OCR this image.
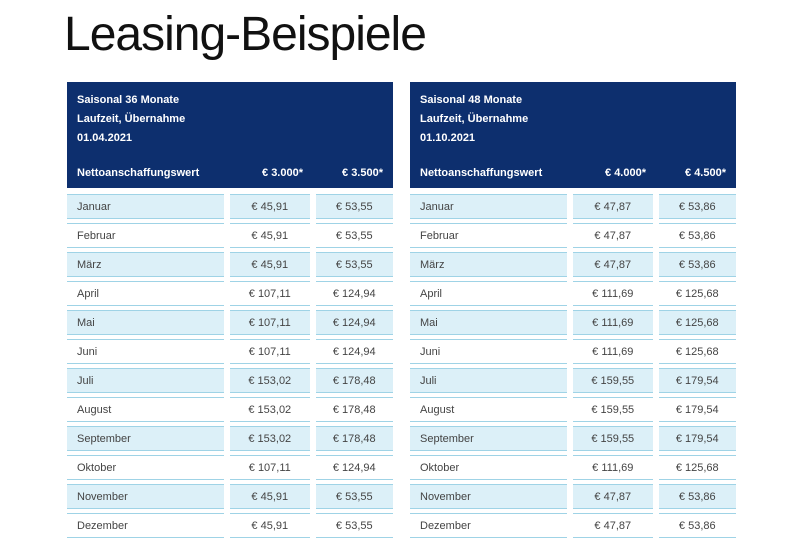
Leasing-Beispiele
Saisonal 36 Monate
Laufzeit, Übernahme
01.04.2021
Nettoanschaffungswert	€ 3.000*	€ 3.500*
Januar	€ 45,91	€ 53,55
Februar	€ 45,91	€ 53,55
März	€ 45,91	€ 53,55
April	€ 107,11	€ 124,94
Mai	€ 107,11	€ 124,94
Juni	€ 107,11	€ 124,94
Juli	€ 153,02	€ 178,48
August	€ 153,02	€ 178,48
September	€ 153,02	€ 178,48
Oktober	€ 107,11	€ 124,94
November	€ 45,91	€ 53,55
Dezember	€ 45,91	€ 53,55
Saisonal 48 Monate
Laufzeit, Übernahme
01.10.2021
Nettoanschaffungswert	€ 4.000*	€ 4.500*
Januar	€ 47,87	€ 53,86
Februar	€ 47,87	€ 53,86
März	€ 47,87	€ 53,86
April	€ 111,69	€ 125,68
Mai	€ 111,69	€ 125,68
Juni	€ 111,69	€ 125,68
Juli	€ 159,55	€ 179,54
August	€ 159,55	€ 179,54
September	€ 159,55	€ 179,54
Oktober	€ 111,69	€ 125,68
November	€ 47,87	€ 53,86
Dezember	€ 47,87	€ 53,86
